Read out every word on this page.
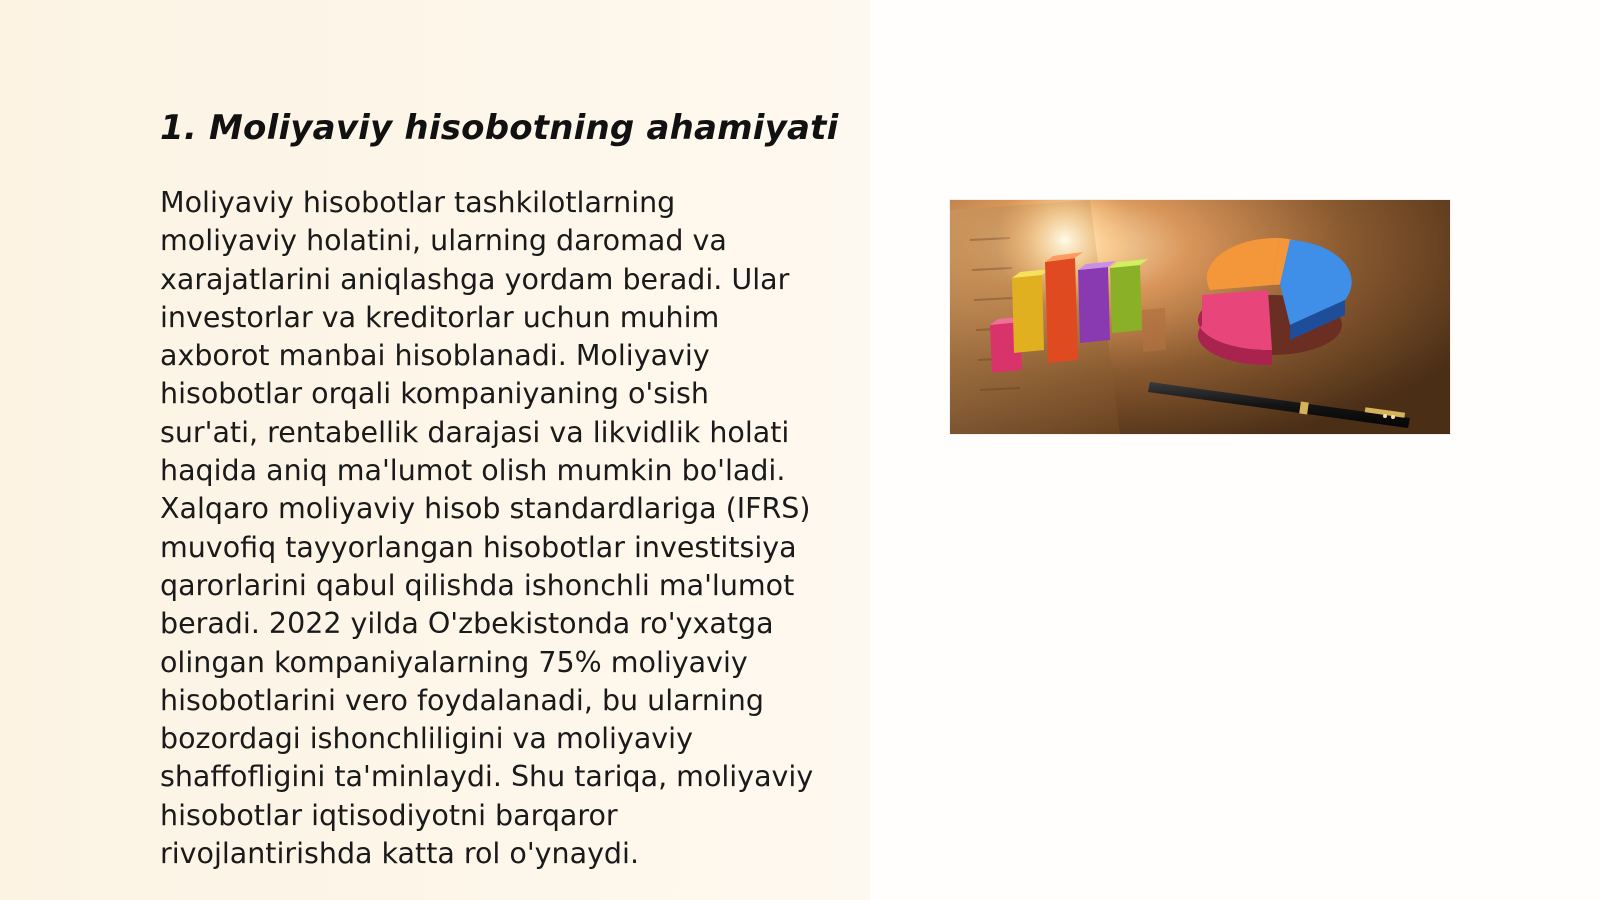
1. Moliyaviy hisobotning ahamiyati

Moliyaviy hisobotlar tashkilotlarning
moliyaviy holatini, ularning daromad va
xarajatlarini aniqlashga yordam beradi. Ular
investorlar va kreditorlar uchun muhim
axborot manbai hisoblanadi. Moliyaviy
hisobotlar orqali kompaniyaning o'sish
sur'ati, rentabellik darajasi va likvidlik holati
haqida aniq ma'lumot olish mumkin bo'ladi.
Xalqaro moliyaviy hisob standardlariga (IFRS)
muvofiq tayyorlangan hisobotlar investitsiya
qarorlarini qabul qilishda ishonchli ma'lumot
beradi. 2022 yilda O'zbekistonda ro'yxatga
olingan kompaniyalarning 75% moliyaviy
hisobotlarini vero foydalanadi, bu ularning
bozordagi ishonchliligini va moliyaviy
shaffofligini ta'minlaydi. Shu tariqa, moliyaviy
hisobotlar iqtisodiyotni barqaror
rivojlantirishda katta rol o'ynaydi.
